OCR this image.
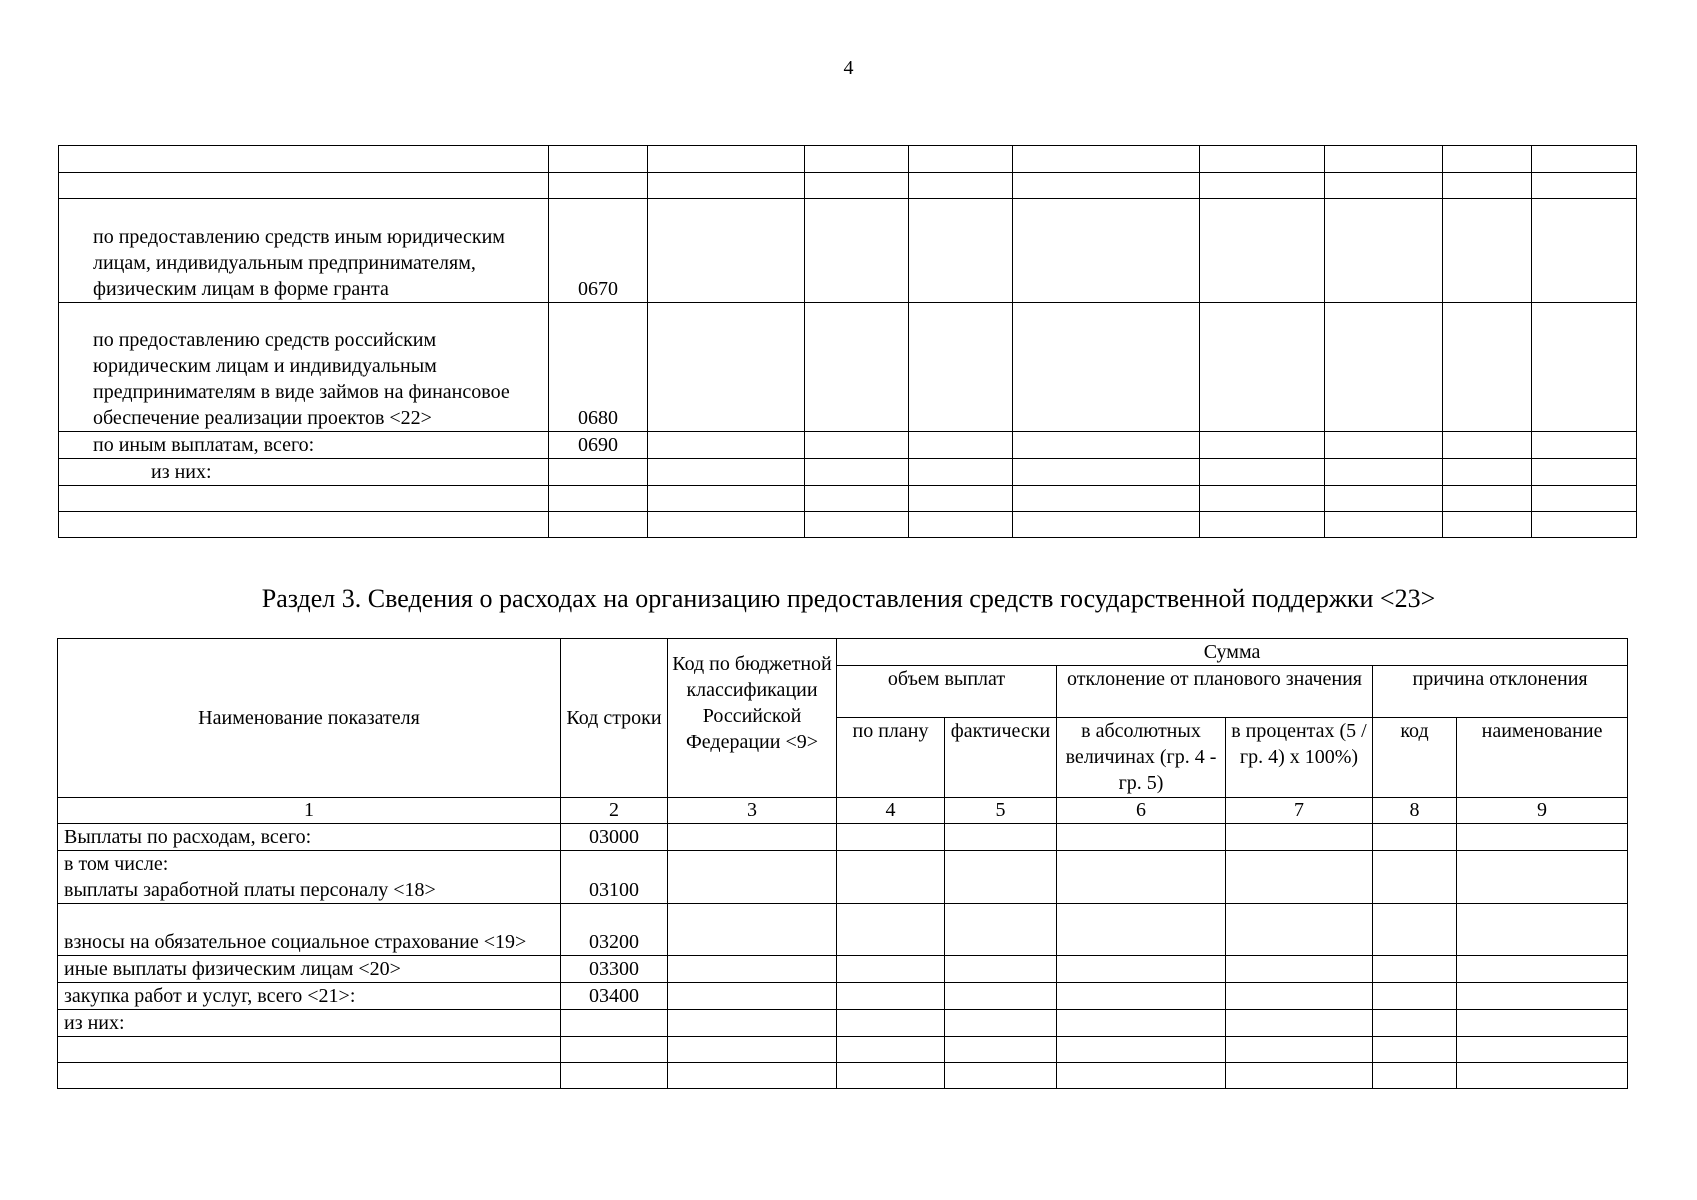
4

по предоставлению средств иным юридическим лицам, индивидуальным предпринимателям, физическим лицам в форме гранта	0670								
по предоставлению средств российским юридическим лицам и индивидуальным предпринимателям в виде займов на финансовое обеспечение реализации проектов <22>	0680								
по иным выплатам, всего:	0690								
из них:									

Раздел 3. Сведения о расходах на организацию предоставления средств государственной поддержки <23>
Наименование показателя	Код строки	Код по бюджетной классификации Российской Федерации <9>	Сумма					
			объем выплат		отклонение от планового значения		причина отклонения	
			по плану	фактически	в абсолютных величинах (гр. 4 - гр. 5)	в процентах (5 / гр. 4) x 100%)	код	наименование
1	2	3	4	5	6	7	8	9
Выплаты по расходам, всего:	03000							
в том числе:
выплаты заработной платы персоналу <18>	03100							
взносы на обязательное социальное страхование <19>	03200							
иные выплаты физическим лицам <20>	03300							
закупка работ и услуг, всего <21>:	03400							
из них:								
